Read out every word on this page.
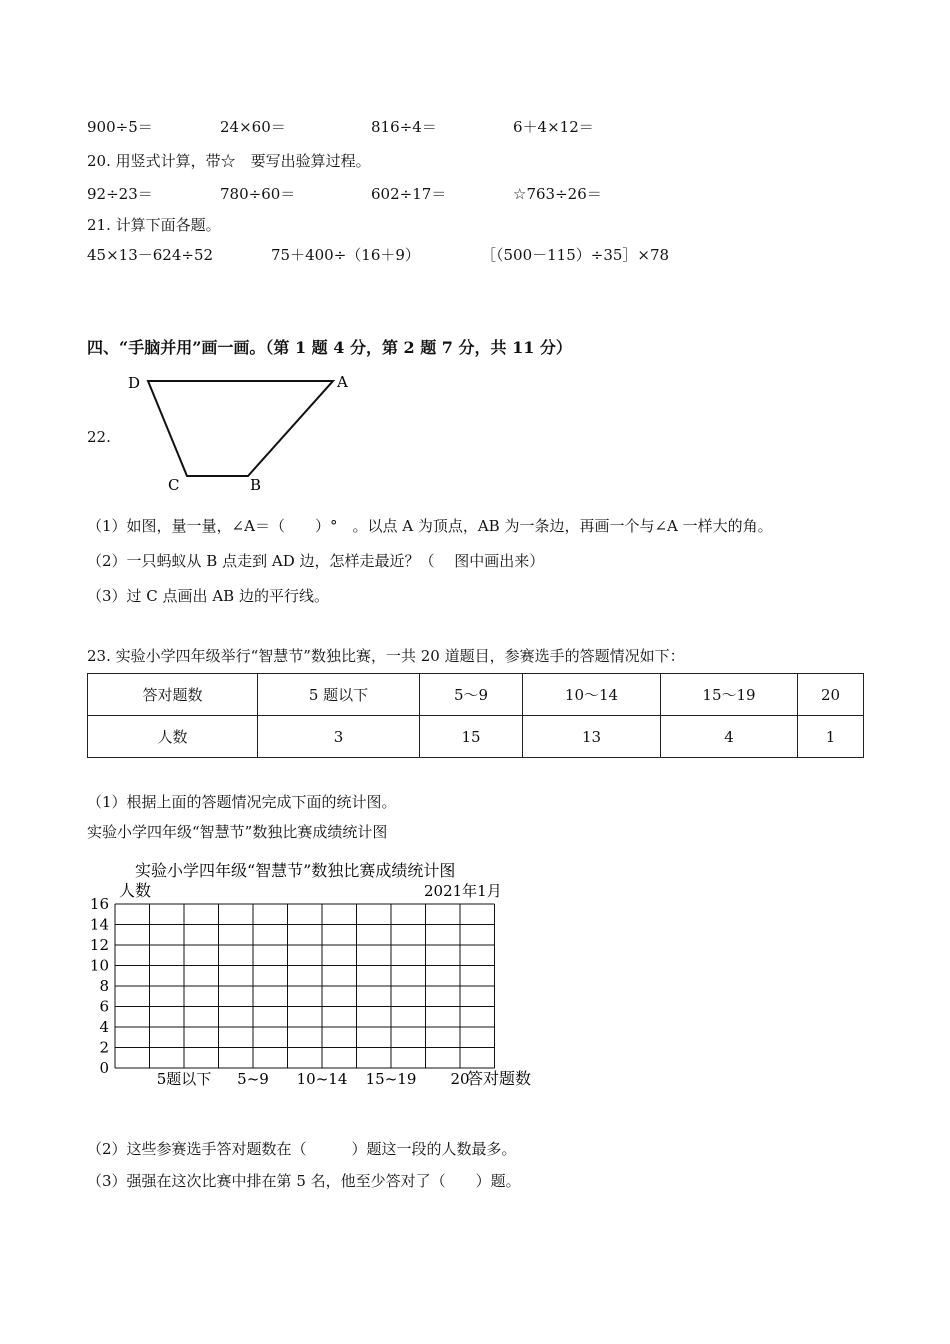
900÷5＝	24×60＝	816÷4＝	6＋4×12＝
20. 用竖式计算，带☆　要写出验算过程。
92÷23＝	780÷60＝	602÷17＝	☆763÷26＝
21. 计算下面各题。
45×13－624÷52	75＋400÷（16＋9）	［（500－115）÷35］×78
四、“手脑并用”画一画。（第 1 题 4 分，第 2 题 7 分，共 11 分）
22.
D	A
C	B
（1）如图，量一量，∠A＝（　　）°　。以点 A 为顶点，AB 为一条边，再画一个与∠A 一样大的角。
（2）一只蚂蚁从 B 点走到 AD 边，怎样走最近？（　 图中画出来）
（3）过 C 点画出 AB 边的平行线。
23. 实验小学四年级举行“智慧节”数独比赛，一共 20 道题目，参赛选手的答题情况如下：
答对题数	5 题以下	5～9	10～14	15～19	20
人数	3	15	13	4	1
（1）根据上面的答题情况完成下面的统计图。
实验小学四年级“智慧节”数独比赛成绩统计图
实验小学四年级“智慧节”数独比赛成绩统计图
人数	2021年1月
答对题数
16
14
12
10
8
6
4
2
0
5题以下 5~9 10~14 15~19 20
（2）这些参赛选手答对题数在（　　　）题这一段的人数最多。
（3）强强在这次比赛中排在第 5 名，他至少答对了（　　）题。
